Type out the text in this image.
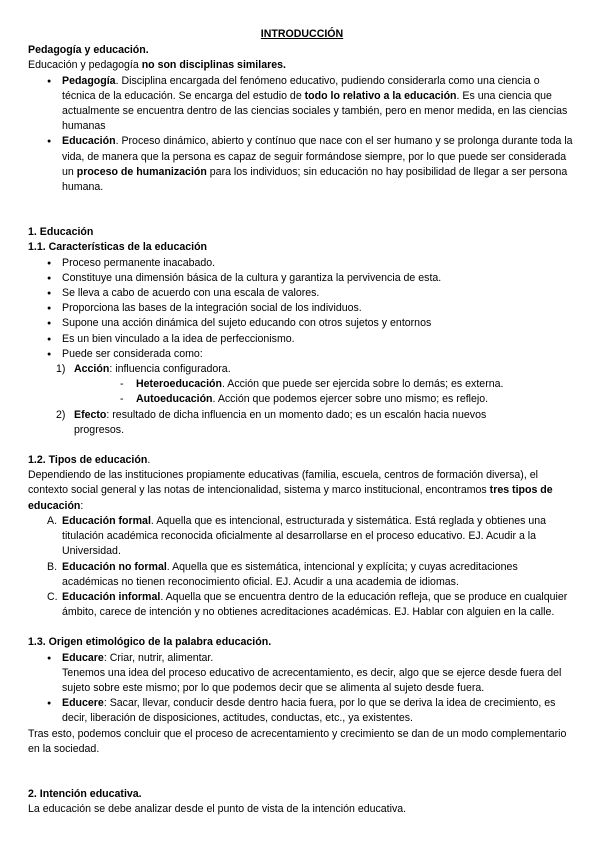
INTRODUCCIÓN

Pedagogía y educación.

Educación y pedagogía no son disciplinas similares.

● Pedagogía. Disciplina encargada del fenómeno educativo, pudiendo considerarla como una ciencia o técnica de la educación. Se encarga del estudio de todo lo relativo a la educación. Es una ciencia que actualmente se encuentra dentro de las ciencias sociales y también, pero en menor medida, en las ciencias humanas
● Educación. Proceso dinámico, abierto y contínuo que nace con el ser humano y se prolonga durante toda la vida, de manera que la persona es capaz de seguir formándose siempre, por lo que puede ser considerada un proceso de humanización para los individuos; sin educación no hay posibilidad de llegar a ser persona humana.

1. Educación

1.1. Características de la educación

● Proceso permanente inacabado.
● Constituye una dimensión básica de la cultura y garantiza la pervivencia de esta.
● Se lleva a cabo de acuerdo con una escala de valores.
● Proporciona las bases de la integración social de los individuos.
● Supone una acción dinámica del sujeto educando con otros sujetos y entornos
● Es un bien vinculado a la idea de perfeccionismo.
● Puede ser considerada como:
1) Acción: influencia configuradora.
- Heteroeducación. Acción que puede ser ejercida sobre lo demás; es externa.
- Autoeducación. Acción que podemos ejercer sobre uno mismo; es reflejo.
2) Efecto: resultado de dicha influencia en un momento dado; es un escalón hacia nuevos progresos.

1.2. Tipos de educación.

Dependiendo de las instituciones propiamente educativas (familia, escuela, centros de formación diversa), el contexto social general y las notas de intencionalidad, sistema y marco institucional, encontramos tres tipos de educación:

A. Educación formal. Aquella que es intencional, estructurada y sistemática. Está reglada y obtienes una titulación académica reconocida oficialmente al desarrollarse en el proceso educativo. EJ. Acudir a la Universidad.
B. Educación no formal. Aquella que es sistemática, intencional y explícita; y cuyas acreditaciones académicas no tienen reconocimiento oficial. EJ. Acudir a una academia de idiomas.
C. Educación informal. Aquella que se encuentra dentro de la educación refleja, que se produce en cualquier ámbito, carece de intención y no obtienes acreditaciones académicas. EJ. Hablar con alguien en la calle.

1.3. Origen etimológico de la palabra educación.

● Educare: Criar, nutrir, alimentar.

Tenemos una idea del proceso educativo de acrecentamiento, es decir, algo que se ejerce desde fuera del sujeto sobre este mismo; por lo que podemos decir que se alimenta al sujeto desde fuera.

● Educere: Sacar, llevar, conducir desde dentro hacia fuera, por lo que se deriva la idea de crecimiento, es decir, liberación de disposiciones, actitudes, conductas, etc., ya existentes.

Tras esto, podemos concluir que el proceso de acrecentamiento y crecimiento se dan de un modo complementario en la sociedad.

2. Intención educativa.

La educación se debe analizar desde el punto de vista de la intención educativa.
